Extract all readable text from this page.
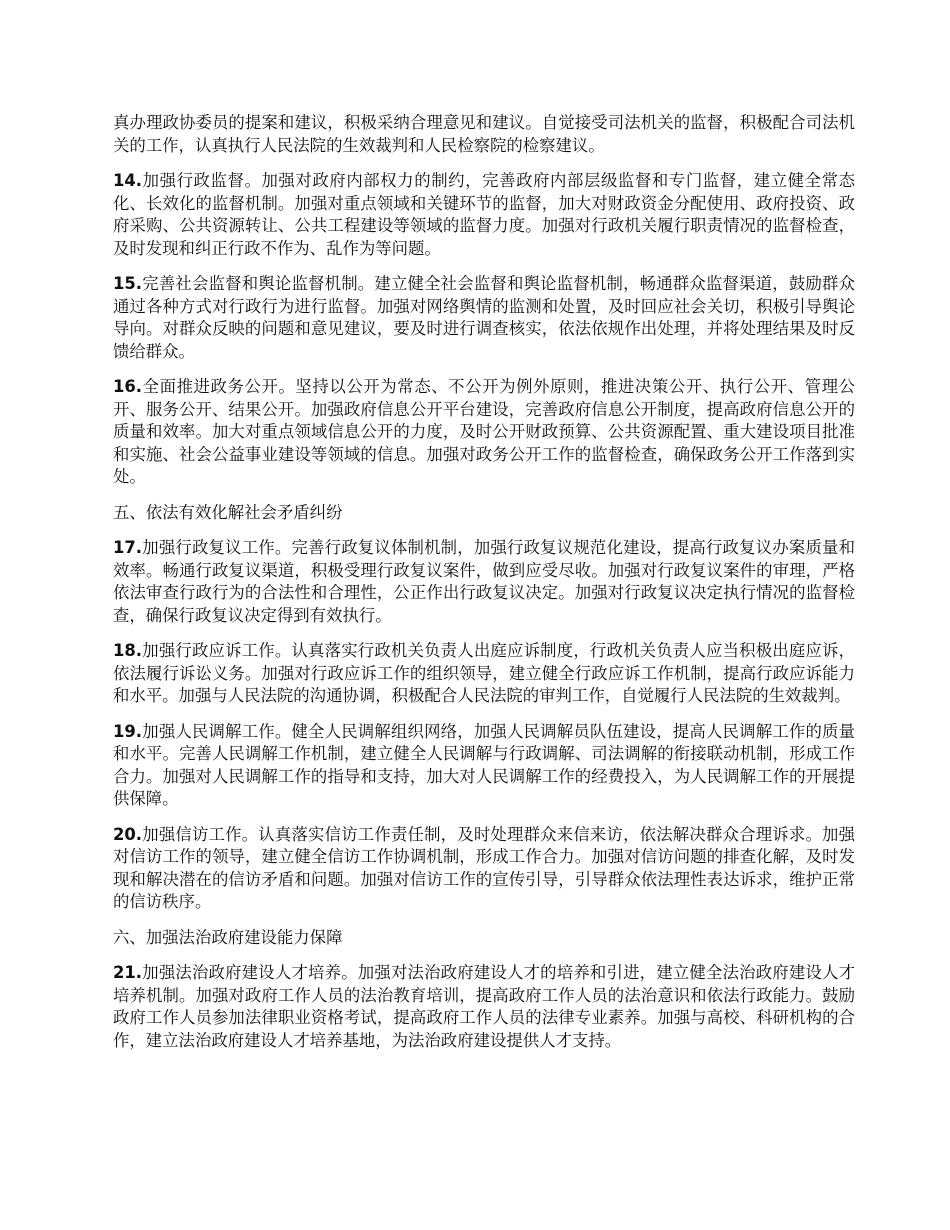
真办理政协委员的提案和建议，积极采纳合理意见和建议。自觉接受司法机关的监督，积极配合司法机关的工作，认真执行人民法院的生效裁判和人民检察院的检察建议。

14.加强行政监督。加强对政府内部权力的制约，完善政府内部层级监督和专门监督，建立健全常态化、长效化的监督机制。加强对重点领域和关键环节的监督，加大对财政资金分配使用、政府投资、政府采购、公共资源转让、公共工程建设等领域的监督力度。加强对行政机关履行职责情况的监督检查，及时发现和纠正行政不作为、乱作为等问题。

15.完善社会监督和舆论监督机制。建立健全社会监督和舆论监督机制，畅通群众监督渠道，鼓励群众通过各种方式对行政行为进行监督。加强对网络舆情的监测和处置，及时回应社会关切，积极引导舆论导向。对群众反映的问题和意见建议，要及时进行调查核实，依法依规作出处理，并将处理结果及时反馈给群众。

16.全面推进政务公开。坚持以公开为常态、不公开为例外原则，推进决策公开、执行公开、管理公开、服务公开、结果公开。加强政府信息公开平台建设，完善政府信息公开制度，提高政府信息公开的质量和效率。加大对重点领域信息公开的力度，及时公开财政预算、公共资源配置、重大建设项目批准和实施、社会公益事业建设等领域的信息。加强对政务公开工作的监督检查，确保政务公开工作落到实处。

五、依法有效化解社会矛盾纠纷

17.加强行政复议工作。完善行政复议体制机制，加强行政复议规范化建设，提高行政复议办案质量和效率。畅通行政复议渠道，积极受理行政复议案件，做到应受尽收。加强对行政复议案件的审理，严格依法审查行政行为的合法性和合理性，公正作出行政复议决定。加强对行政复议决定执行情况的监督检查，确保行政复议决定得到有效执行。

18.加强行政应诉工作。认真落实行政机关负责人出庭应诉制度，行政机关负责人应当积极出庭应诉，依法履行诉讼义务。加强对行政应诉工作的组织领导，建立健全行政应诉工作机制，提高行政应诉能力和水平。加强与人民法院的沟通协调，积极配合人民法院的审判工作，自觉履行人民法院的生效裁判。

19.加强人民调解工作。健全人民调解组织网络，加强人民调解员队伍建设，提高人民调解工作的质量和水平。完善人民调解工作机制，建立健全人民调解与行政调解、司法调解的衔接联动机制，形成工作合力。加强对人民调解工作的指导和支持，加大对人民调解工作的经费投入，为人民调解工作的开展提供保障。

20.加强信访工作。认真落实信访工作责任制，及时处理群众来信来访，依法解决群众合理诉求。加强对信访工作的领导，建立健全信访工作协调机制，形成工作合力。加强对信访问题的排查化解，及时发现和解决潜在的信访矛盾和问题。加强对信访工作的宣传引导，引导群众依法理性表达诉求，维护正常的信访秩序。

六、加强法治政府建设能力保障

21.加强法治政府建设人才培养。加强对法治政府建设人才的培养和引进，建立健全法治政府建设人才培养机制。加强对政府工作人员的法治教育培训，提高政府工作人员的法治意识和依法行政能力。鼓励政府工作人员参加法律职业资格考试，提高政府工作人员的法律专业素养。加强与高校、科研机构的合作，建立法治政府建设人才培养基地，为法治政府建设提供人才支持。
